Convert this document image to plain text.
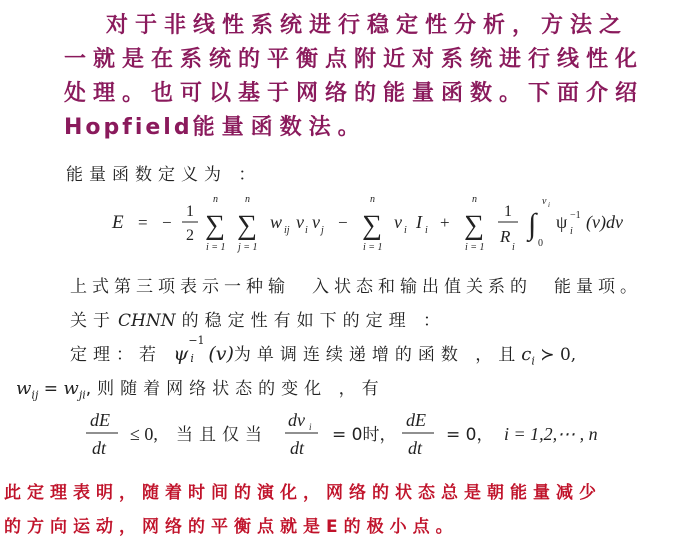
对于非线性系统进行稳定性分析，方法之
一就是在系统的平衡点附近对系统进行线性化
处理。也可以基于网络的能量函数。下面介绍
Hopfield能量函数法。
能量函数定义为 ：
E = −
1
2
n
∑
i = 1
n
∑
j = 1
w ij v i v j −
n
∑
i = 1
v i I i +
n
∑
i = 1
1
R
i
∫
v i
0
ψ −1
i (v)dv
上式第三项表示一种输　入状态和输出值关系的　能量项。
关于 CHNN 的稳定性有如下的定理 ：
定理：若 ψ
−1
i (v)为单调连续递增的函数 ，且$c_i$ ≻ 0,
$w_{ij} = w_{ji}$,则随着网络状态的变化 ，有
dE
dt
≤ 0, 当且仅当
dv i
dt
= 0时，
dE
dt
= 0， i = 1,2,⋯ , n
此定理表明，随着时间的演化，网络的状态总是朝能量减少
的方向运动，网络的平衡点就是E的极小点。
